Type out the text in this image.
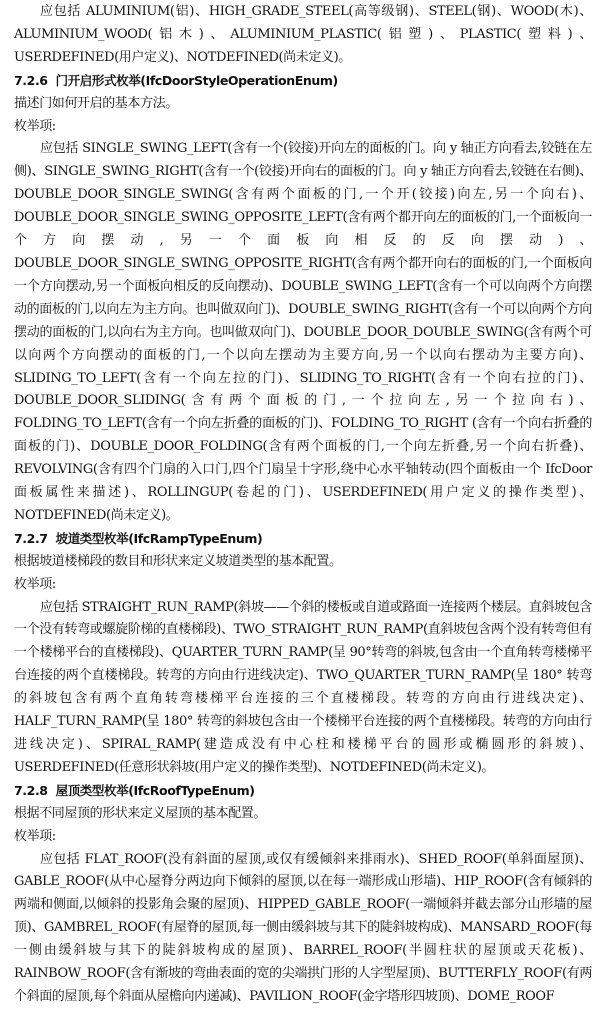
应包括 ALUMINIUM(铝)、HIGH_GRADE_STEEL(高等级钢)、STEEL(钢)、WOOD(木)、ALUMINIUM_WOOD(铝木)、ALUMINIUM_PLASTIC(铝塑)、PLASTIC(塑料)、USERDEFINED(用户定义)、NOTDEFINED(尚未定义)。

7.2.6 门开启形式枚举(IfcDoorStyleOperationEnum)

描述门如何开启的基本方法。

枚举项:

应包括 SINGLE_SWING_LEFT(含有一个(铰接)开向左的面板的门。向 y 轴正方向看去,铰链在左侧)、SINGLE_SWING_RIGHT(含有一个(铰接)开向右的面板的门。向 y 轴正方向看去,铰链在右侧)、DOUBLE_DOOR_SINGLE_SWING(含有两个面板的门,一个开(铰接)向左,另一个向右)、DOUBLE_DOOR_SINGLE_SWING_OPPOSITE_LEFT(含有两个都开向左的面板的门,一个面板向一个方向摆动,另一个面板向相反的反向摆动)、DOUBLE_DOOR_SINGLE_SWING_OPPOSITE_RIGHT(含有两个都开向右的面板的门,一个面板向一个方向摆动,另一个面板向相反的反向摆动)、DOUBLE_SWING_LEFT(含有一个可以向两个方向摆动的面板的门,以向左为主方向。也叫做双向门)、DOUBLE_SWING_RIGHT(含有一个可以向两个方向摆动的面板的门,以向右为主方向。也叫做双向门)、DOUBLE_DOOR_DOUBLE_SWING(含有两个可以向两个方向摆动的面板的门,一个以向左摆动为主要方向,另一个以向右摆动为主要方向)、SLIDING_TO_LEFT(含有一个向左拉的门)、SLIDING_TO_RIGHT(含有一个向右拉的门)、DOUBLE_DOOR_SLIDING(含有两个面板的门,一个拉向左,另一个拉向右)、FOLDING_TO_LEFT(含有一个向左折叠的面板的门)、FOLDING_TO_RIGHT (含有一个向右折叠的面板的门)、DOUBLE_DOOR_FOLDING(含有两个面板的门,一个向左折叠,另一个向右折叠)、REVOLVING(含有四个门扇的入口门,四个门扇呈十字形,绕中心水平轴转动(四个面板由一个 IfcDoor 面板属性来描述)、ROLLINGUP(卷起的门)、USERDEFINED(用户定义的操作类型)、NOTDEFINED(尚未定义)。

7.2.7 坡道类型枚举(IfcRampTypeEnum)

根据坡道楼梯段的数目和形状来定义坡道类型的基本配置。

枚举项:

应包括 STRAIGHT_RUN_RAMP(斜坡——个斜的楼板或自道或路面一连接两个楼层。直斜坡包含一个没有转弯或螺旋阶梯的直楼梯段)、TWO_STRAIGHT_RUN_RAMP(直斜坡包含两个没有转弯但有一个楼梯平台的直楼梯段)、QUARTER_TURN_RAMP(呈 90°转弯的斜坡,包含由一个直角转弯楼梯平台连接的两个直楼梯段。转弯的方向由行进线决定)、TWO_QUARTER_TURN_RAMP(呈 180° 转弯的斜坡包含有两个直角转弯楼梯平台连接的三个直楼梯段。转弯的方向由行进线决定)、HALF_TURN_RAMP(呈 180° 转弯的斜坡包含由一个楼梯平台连接的两个直楼梯段。转弯的方向由行进线决定)、SPIRAL_RAMP(建造成没有中心柱和楼梯平台的圆形或椭圆形的斜坡)、USERDEFINED(任意形状斜坡(用户定义的操作类型)、NOTDEFINED(尚未定义)。

7.2.8 屋顶类型枚举(IfcRoofTypeEnum)

根据不同屋顶的形状来定义屋顶的基本配置。

枚举项:

应包括 FLAT_ROOF(没有斜面的屋顶,或仅有缓倾斜来排雨水)、SHED_ROOF(单斜面屋顶)、GABLE_ROOF(从中心屋脊分两边向下倾斜的屋顶,以在每一端形成山形墙)、HIP_ROOF(含有倾斜的两端和侧面,以倾斜的投影角会聚的屋顶)、HIPPED_GABLE_ROOF(一端倾斜并截去部分山形墙的屋顶)、GAMBREL_ROOF(有屋脊的屋顶,每一侧由缓斜坡与其下的陡斜坡构成)、MANSARD_ROOF(每一侧由缓斜坡与其下的陡斜坡构成的屋顶)、BARREL_ROOF(半圆柱状的屋顶或天花板)、RAINBOW_ROOF(含有渐坡的弯曲表面的宽的尖端拱门形的人字型屋顶)、BUTTERFLY_ROOF(有两个斜面的屋顶,每个斜面从屋檐向内递减)、PAVILION_ROOF(金字塔形四坡顶)、DOME_ROOF
